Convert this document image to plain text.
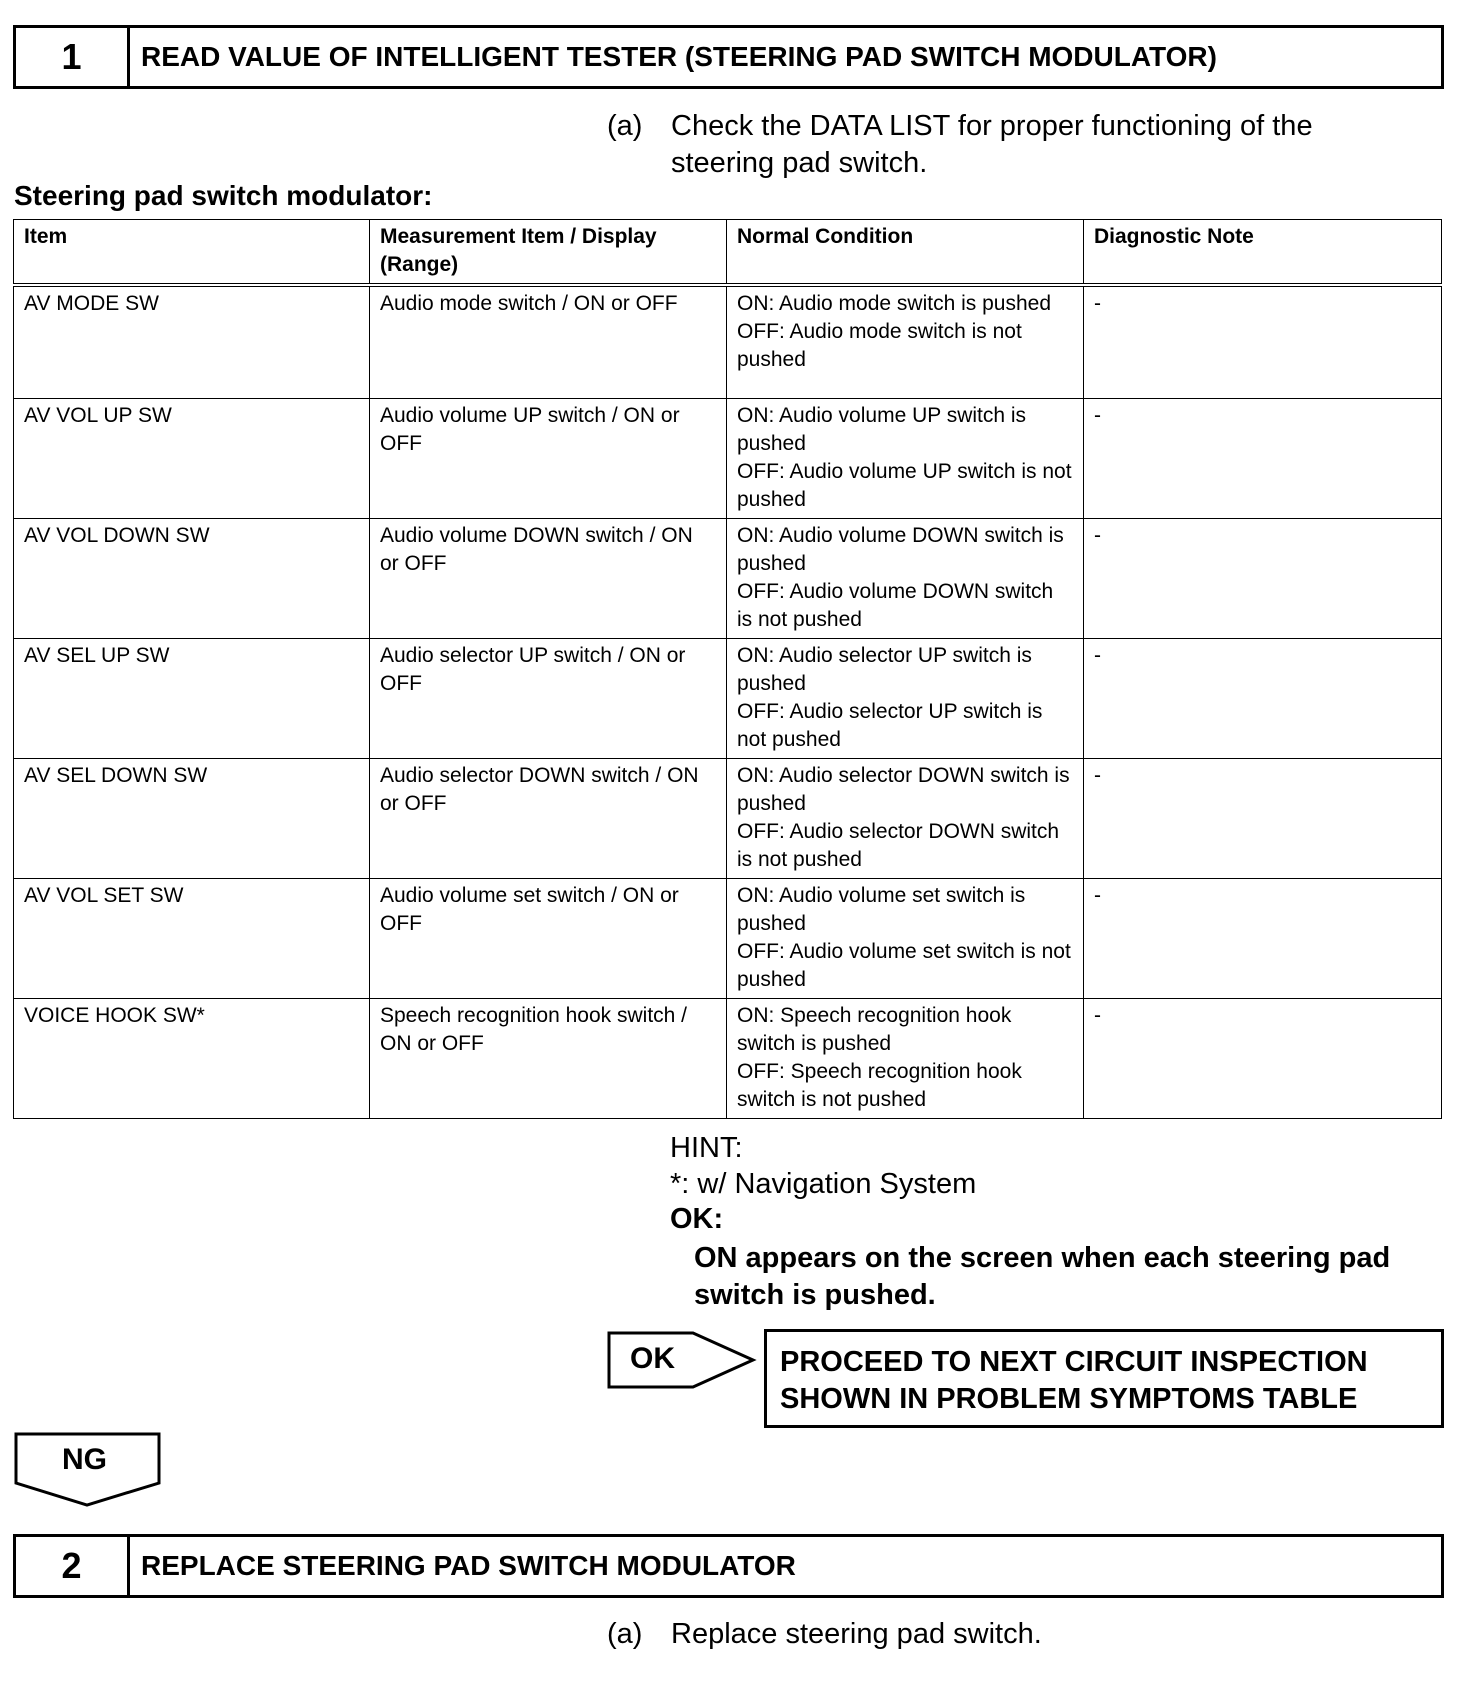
1	READ VALUE OF INTELLIGENT TESTER (STEERING PAD SWITCH MODULATOR)
(a) Check the DATA LIST for proper functioning of the
steering pad switch.
Steering pad switch modulator:
Item	Measurement Item / Display (Range)	Normal Condition	Diagnostic Note
AV MODE SW	Audio mode switch / ON or OFF	ON: Audio mode switch is pushed
OFF: Audio mode switch is not pushed	-
AV VOL UP SW	Audio volume UP switch / ON or OFF	ON: Audio volume UP switch is pushed
OFF: Audio volume UP switch is not pushed	-
AV VOL DOWN SW	Audio volume DOWN switch / ON or OFF	ON: Audio volume DOWN switch is pushed
OFF: Audio volume DOWN switch is not pushed	-
AV SEL UP SW	Audio selector UP switch / ON or OFF	ON: Audio selector UP switch is pushed
OFF: Audio selector UP switch is not pushed	-
AV SEL DOWN SW	Audio selector DOWN switch / ON or OFF	ON: Audio selector DOWN switch is pushed
OFF: Audio selector DOWN switch is not pushed	-
AV VOL SET SW	Audio volume set switch / ON or OFF	ON: Audio volume set switch is pushed
OFF: Audio volume set switch is not pushed	-
VOICE HOOK SW*	Speech recognition hook switch / ON or OFF	ON: Speech recognition hook switch is pushed
OFF: Speech recognition hook switch is not pushed	-
HINT:
*: w/ Navigation System
OK:
ON appears on the screen when each steering pad
switch is pushed.
OK	PROCEED TO NEXT CIRCUIT INSPECTION
SHOWN IN PROBLEM SYMPTOMS TABLE
NG
2	REPLACE STEERING PAD SWITCH MODULATOR
(a) Replace steering pad switch.
